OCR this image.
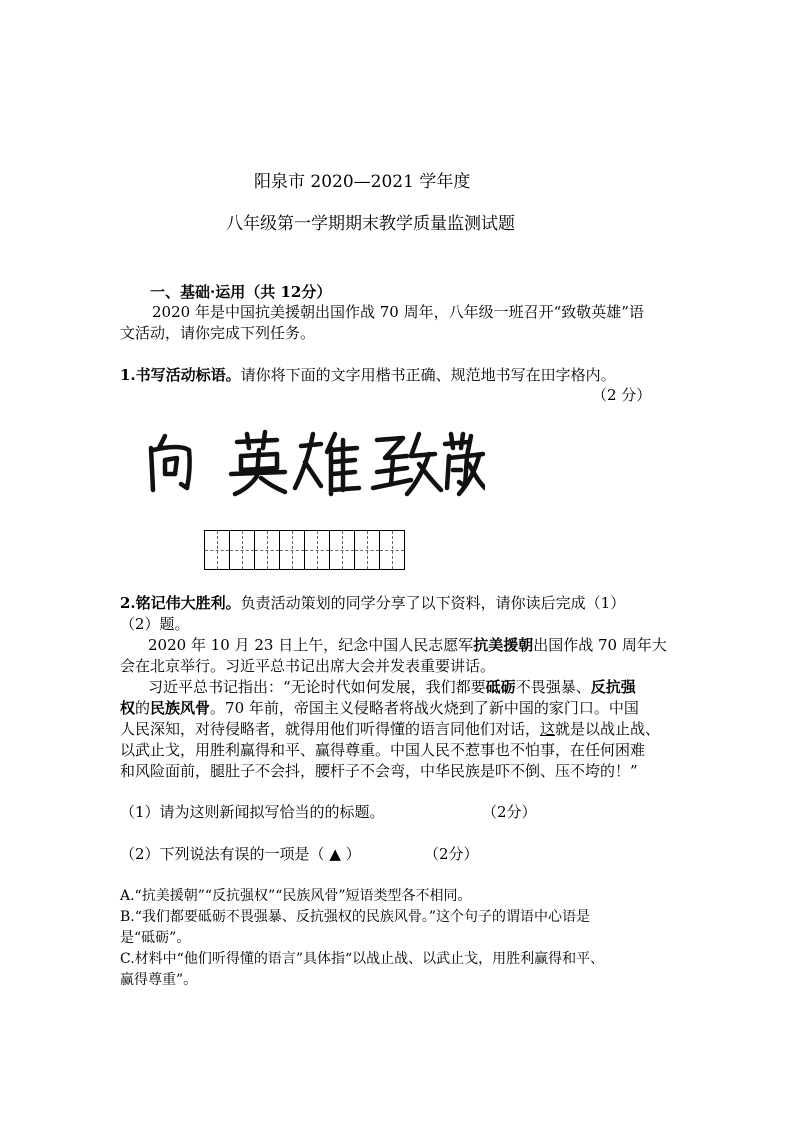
阳泉市 2020—2021 学年度
八年级第一学期期末教学质量监测试题
一、基础·运用（共 12分）
2020 年是中国抗美援朝出国作战 70 周年，八年级一班召开“致敬英雄”语
文活动，请你完成下列任务。
1.书写活动标语。请你将下面的文字用楷书正确、规范地书写在田字格内。
（2 分）
2.铭记伟大胜利。负责活动策划的同学分享了以下资料，请你读后完成（1）
（2）题。
2020 年 10 月 23 日上午，纪念中国人民志愿军抗美援朝出国作战 70 周年大
会在北京举行。习近平总书记出席大会并发表重要讲话。
习近平总书记指出：“无论时代如何发展，我们都要砥砺不畏强暴、反抗强
权的民族风骨。70 年前，帝国主义侵略者将战火烧到了新中国的家门口。中国
人民深知，对待侵略者，就得用他们听得懂的语言同他们对话，这就是以战止战、
以武止戈，用胜利赢得和平、赢得尊重。中国人民不惹事也不怕事，在任何困难
和风险面前，腿肚子不会抖，腰杆子不会弯，中华民族是吓不倒、压不垮的！”
（1）请为这则新闻拟写恰当的的标题。	（2分）
（2）下列说法有误的一项是（ ▲ ）	（2分）
A.“抗美援朝”“反抗强权”“民族风骨”短语类型各不相同。
B.“我们都要砥砺不畏强暴、反抗强权的民族风骨。”这个句子的谓语中心语是
是“砥砺”。
C.材料中“他们听得懂的语言”具体指“以战止战、以武止戈，用胜利赢得和平、
赢得尊重”。
